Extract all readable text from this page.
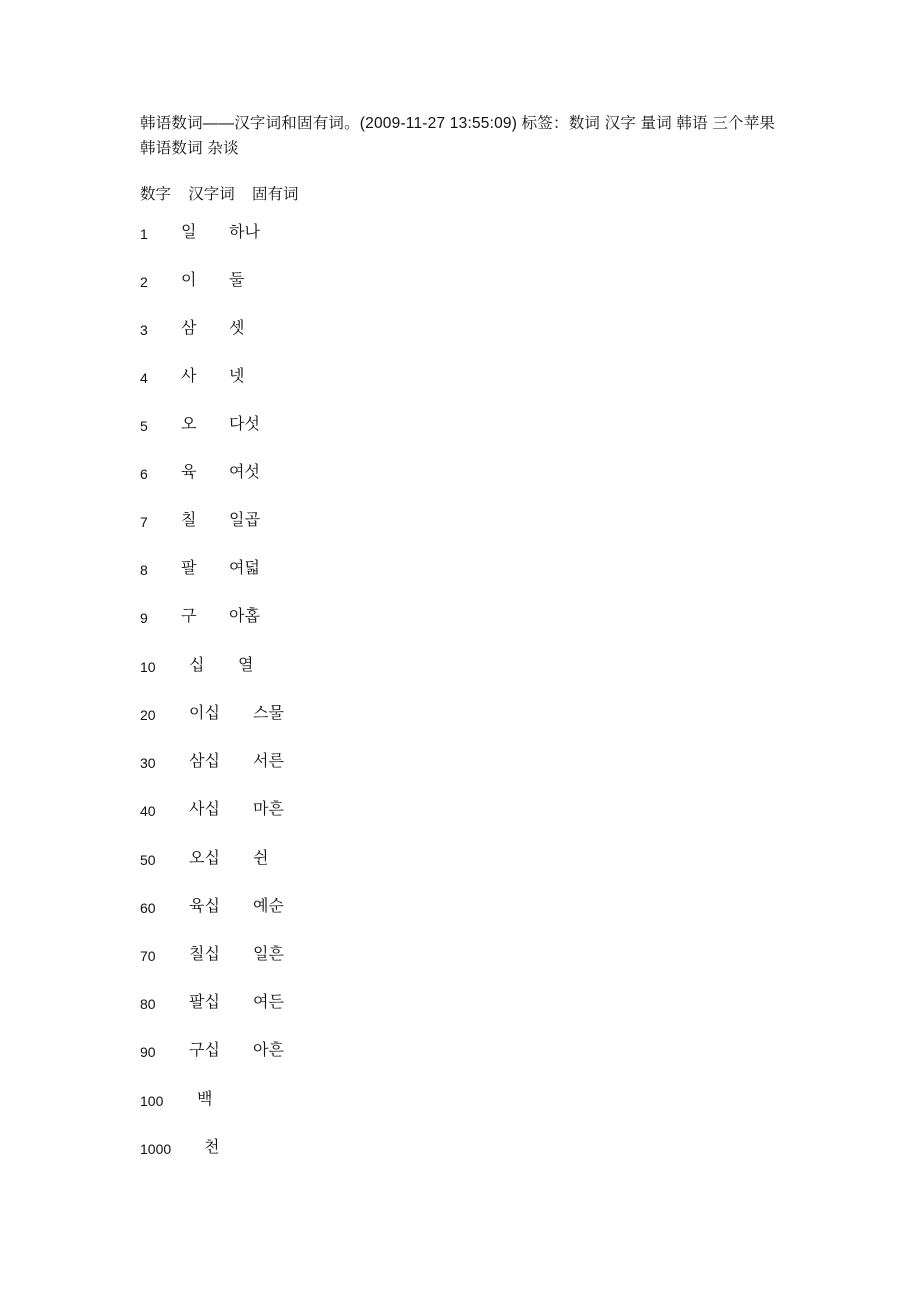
韩语数词——汉字词和固有词。(2009-11-27 13:55:09) 标签：数词 汉字 量词 韩语 三个苹果 韩语数词 杂谈
数字    汉字词    固有词
1 일 하나
2 이 둘
3 삼 셋
4 사 넷
5 오 다섯
6 육 여섯
7 칠 일곱
8 팔 여덟
9 구 아홉
10 십 열
20 이십 스물
30 삼십 서른
40 사십 마흔
50 오십 쉰
60 육십 예순
70 칠십 일흔
80 팔십 여든
90 구십 아흔
100 백
1000 천
